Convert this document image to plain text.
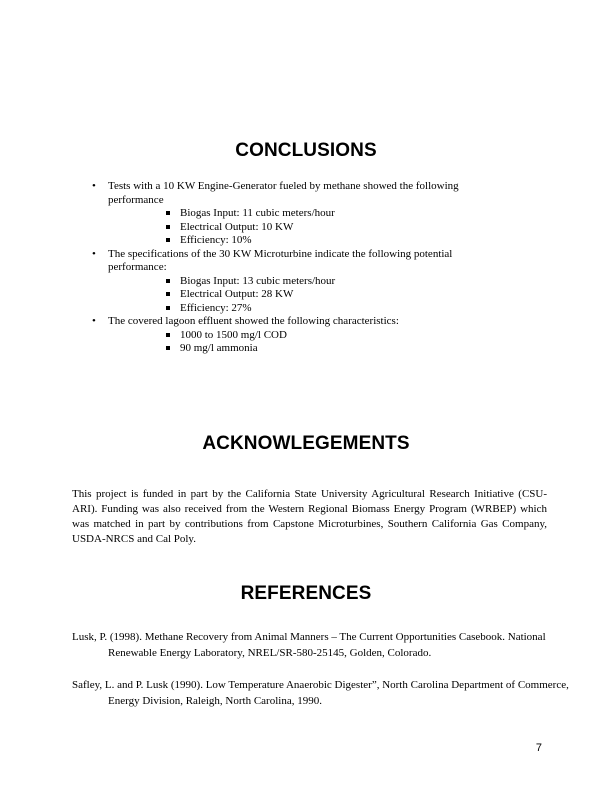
CONCLUSIONS
• Tests with a 10 KW Engine-Generator fueled by methane showed the following performance
Biogas Input: 11 cubic meters/hour
Electrical Output: 10 KW
Efficiency: 10%
• The specifications of the 30 KW Microturbine indicate the following potential performance:
Biogas Input: 13 cubic meters/hour
Electrical Output: 28 KW
Efficiency: 27%
• The covered lagoon effluent showed the following characteristics:
1000 to 1500 mg/l COD
90 mg/l ammonia
ACKNOWLEGEMENTS

This project is funded in part by the California State University Agricultural Research Initiative (CSU-ARI). Funding was also received from the Western Regional Biomass Energy Program (WRBEP) which was matched in part by contributions from Capstone Microturbines, Southern California Gas Company, USDA-NRCS and Cal Poly.

REFERENCES

Lusk, P. (1998). Methane Recovery from Animal Manners – The Current Opportunities Casebook. National Renewable Energy Laboratory, NREL/SR-580-25145, Golden, Colorado.

Safley, L. and P. Lusk (1990). Low Temperature Anaerobic Digester”, North Carolina Department of Commerce, Energy Division, Raleigh, North Carolina, 1990.

7
